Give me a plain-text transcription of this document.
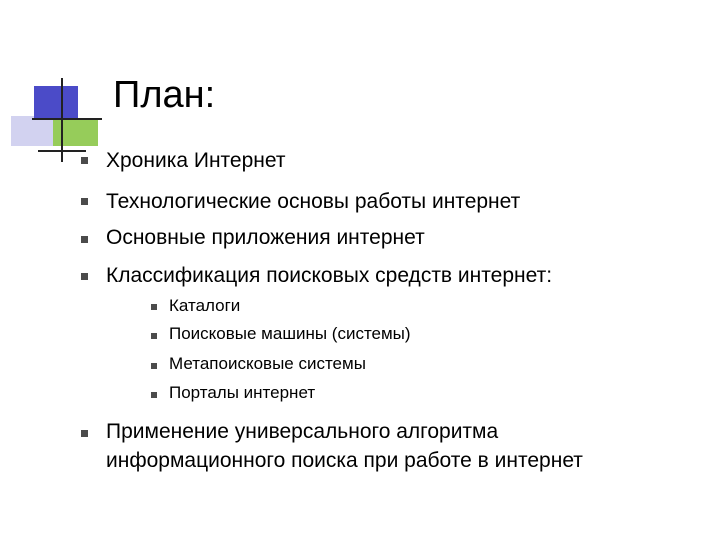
План:
Хроника Интернет
Технологические основы работы интернет
Основные приложения интернет
Классификация поисковых средств интернет:
Каталоги
Поисковые машины (системы)
Метапоисковые системы
Порталы интернет
Применение универсального алгоритма
информационного поиска при работе в интернет
